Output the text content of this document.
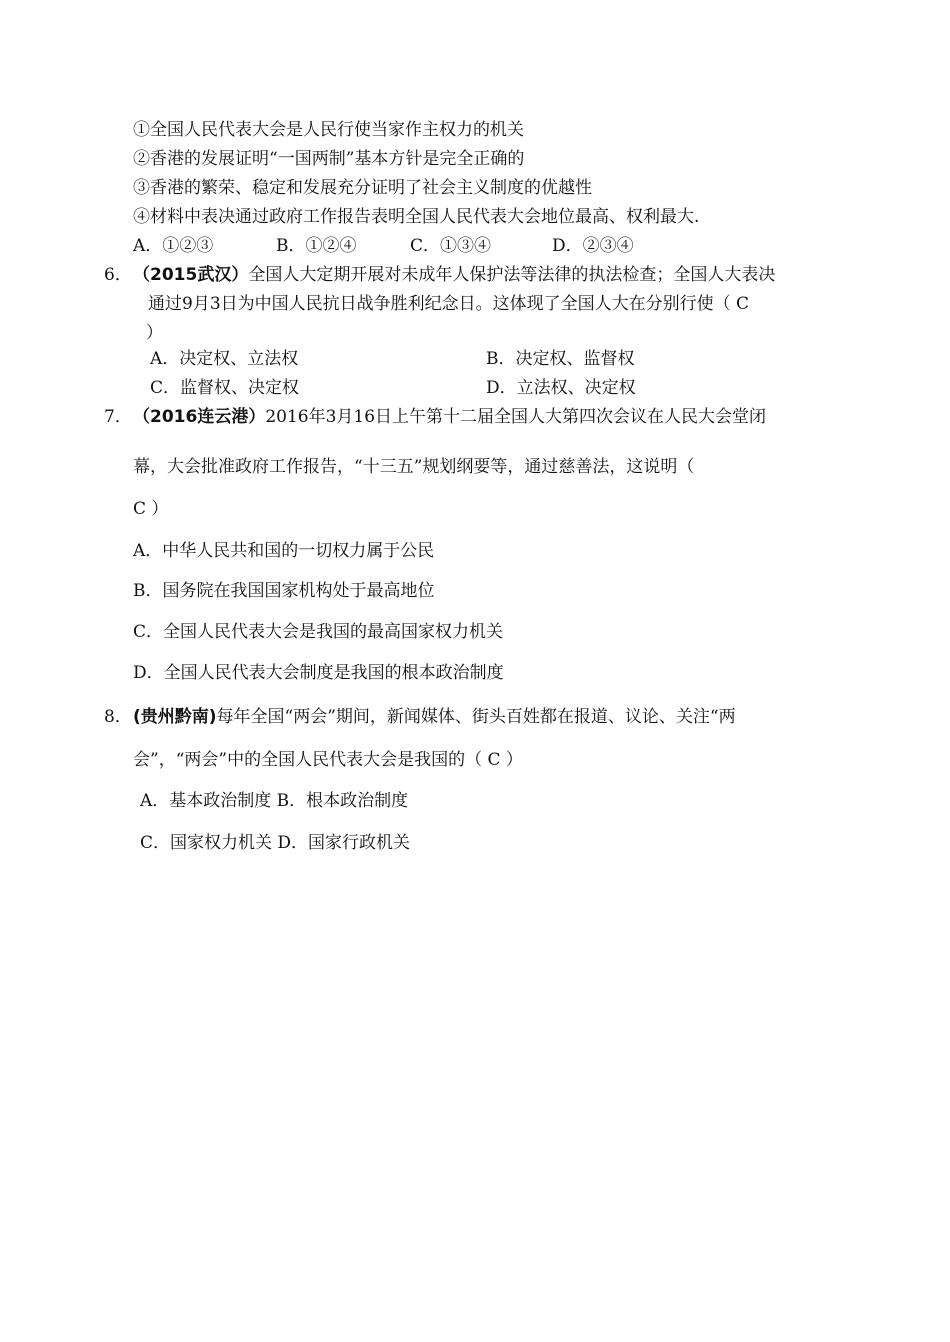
①全国人民代表大会是人民行使当家作主权力的机关
②香港的发展证明“一国两制”基本方针是完全正确的
③香港的繁荣、稳定和发展充分证明了社会主义制度的优越性
④材料中表决通过政府工作报告表明全国人民代表大会地位最高、权利最大.
A．①②③	B．①②④	C．①③④	D．②③④
6． （2015武汉）全国人大定期开展对未成年人保护法等法律的执法检查；全国人大表决
通过9月3日为中国人民抗日战争胜利纪念日。这体现了全国人大在分别行使（ C
）
A．决定权、立法权	B．决定权、监督权
C．监督权、决定权	D．立法权、决定权
7． （2016连云港）2016年3月16日上午第十二届全国人大第四次会议在人民大会堂闭
幕，大会批准政府工作报告，“十三五”规划纲要等，通过慈善法，这说明（
C ）
A．中华人民共和国的一切权力属于公民
B．国务院在我国国家机构处于最高地位
C．全国人民代表大会是我国的最高国家权力机关
D．全国人民代表大会制度是我国的根本政治制度
8． (贵州黔南)每年全国“两会”期间，新闻媒体、街头百姓都在报道、议论、关注“两
会”，“两会”中的全国人民代表大会是我国的（ C ）
A．基本政治制度 B．根本政治制度
C．国家权力机关 D．国家行政机关
